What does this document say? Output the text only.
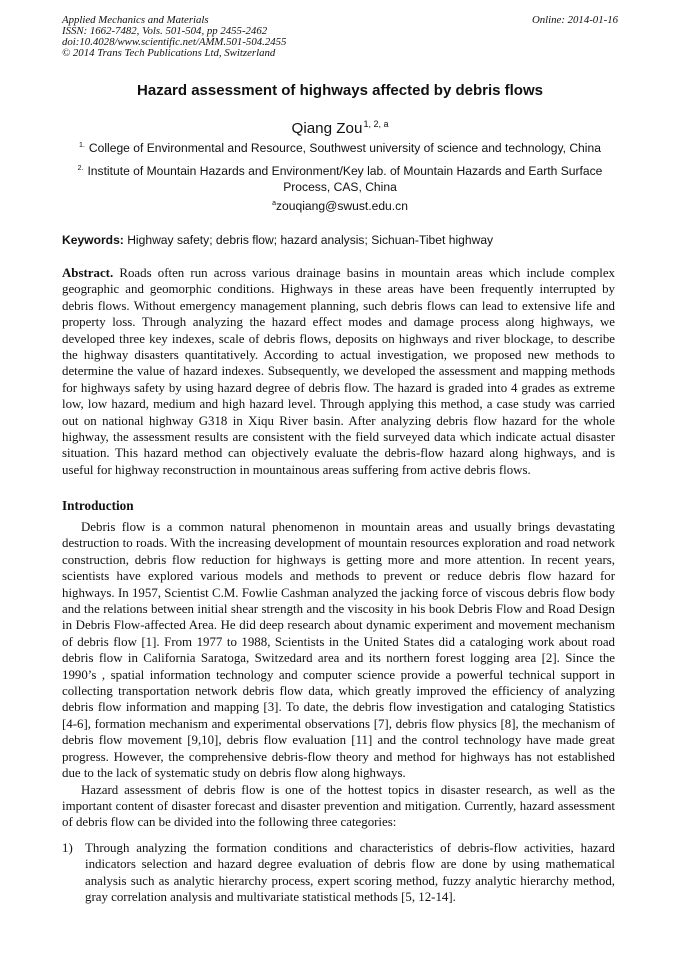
Applied Mechanics and Materials
ISSN: 1662-7482, Vols. 501-504, pp 2455-2462
doi:10.4028/www.scientific.net/AMM.501-504.2455
© 2014 Trans Tech Publications Ltd, Switzerland
Online: 2014-01-16
Hazard assessment of highways affected by debris flows
Qiang Zou$^{1, 2, a}$
$^{1.}$ College of Environmental and Resource, Southwest university of science and technology, China
$^{2.}$ Institute of Mountain Hazards and Environment/Key lab. of Mountain Hazards and Earth Surface Process, CAS, China
$^a$zouqiang@swust.edu.cn
Keywords: Highway safety; debris flow; hazard analysis; Sichuan-Tibet highway
Abstract. Roads often run across various drainage basins in mountain areas which include complex geographic and geomorphic conditions. Highways in these areas have been frequently interrupted by debris flows. Without emergency management planning, such debris flows can lead to extensive life and property loss. Through analyzing the hazard effect modes and damage process along highways, we developed three key indexes, scale of debris flows, deposits on highways and river blockage, to describe the highway disasters quantitatively. According to actual investigation, we proposed new methods to determine the value of hazard indexes. Subsequently, we developed the assessment and mapping methods for highways safety by using hazard degree of debris flow. The hazard is graded into 4 grades as extreme low, low hazard, medium and high hazard level. Through applying this method, a case study was carried out on national highway G318 in Xiqu River basin. After analyzing debris flow hazard for the whole highway, the assessment results are consistent with the field surveyed data which indicate actual disaster situation. This hazard method can objectively evaluate the debris-flow hazard along highways, and is useful for highway reconstruction in mountainous areas suffering from active debris flows.
Introduction

Debris flow is a common natural phenomenon in mountain areas and usually brings devastating destruction to roads. With the increasing development of mountain resources exploration and road network construction, debris flow reduction for highways is getting more and more attention. In recent years, scientists have explored various models and methods to prevent or reduce debris flow hazard for highways. In 1957, Scientist C.M. Fowlie Cashman analyzed the jacking force of viscous debris flow body and the relations between initial shear strength and the viscosity in his book Debris Flow and Road Design in Debris Flow-affected Area. He did deep research about dynamic experiment and movement mechanism of debris flow [1]. From 1977 to 1988, Scientists in the United States did a cataloging work about road debris flow in California Saratoga, Switzedard area and its northern forest logging area [2]. Since the 1990’s , spatial information technology and computer science provide a powerful technical support in collecting transportation network debris flow data, which greatly improved the efficiency of analyzing debris flow information and mapping [3]. To date, the debris flow investigation and cataloging Statistics [4-6], formation mechanism and experimental observations [7], debris flow physics [8], the mechanism of debris flow movement [9,10], debris flow evaluation [11] and the control technology have made great progress. However, the comprehensive debris-flow theory and method for highways has not established due to the lack of systematic study on debris flow along highways.

Hazard assessment of debris flow is one of the hottest topics in disaster research, as well as the important content of disaster forecast and disaster prevention and mitigation. Currently, hazard assessment of debris flow can be divided into the following three categories:

1) Through analyzing the formation conditions and characteristics of debris-flow activities, hazard indicators selection and hazard degree evaluation of debris flow are done by using mathematical analysis such as analytic hierarchy process, expert scoring method, fuzzy analytic hierarchy method, gray correlation analysis and multivariate statistical methods [5, 12-14].
